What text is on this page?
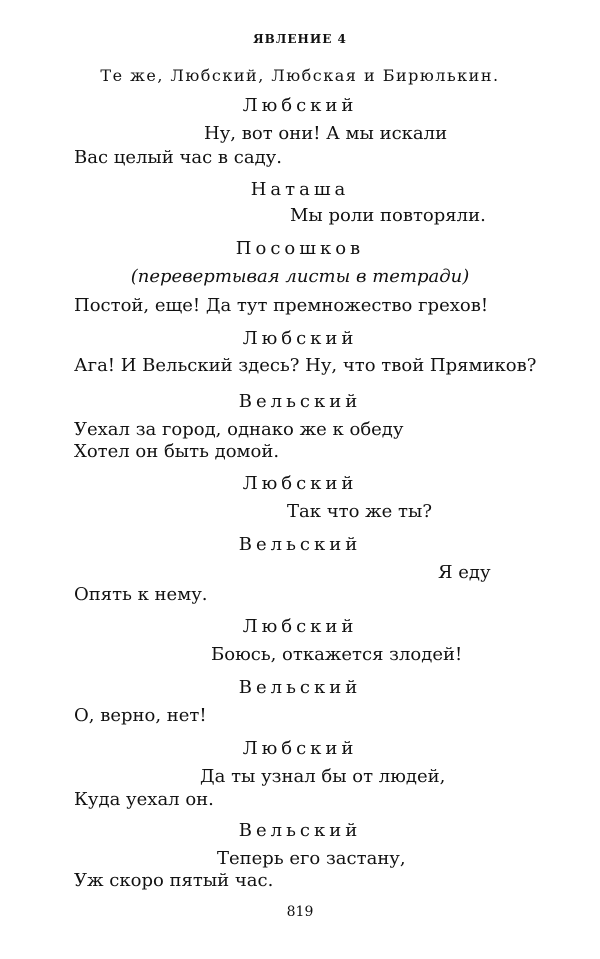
ЯВЛЕНИЕ 4
Те же, Любский, Любская и Бирюлькин.
Любский
Ну, вот они! А мы искали
Вас целый час в саду.
Наташа
Мы роли повторяли.
Посошков
(перевертывая листы в тетради)
Постой, еще! Да тут премножество грехов!
Любский
Ага! И Вельский здесь? Ну, что твой Прямиков?
Вельский
Уехал за город, однако же к обеду
Хотел он быть домой.
Любский
Так что же ты?
Вельский
Я еду
Опять к нему.
Любский
Боюсь, откажется злодей!
Вельский
О, верно, нет!
Любский
Да ты узнал бы от людей,
Куда уехал он.
Вельский
Теперь его застану,
Уж скоро пятый час.
819
